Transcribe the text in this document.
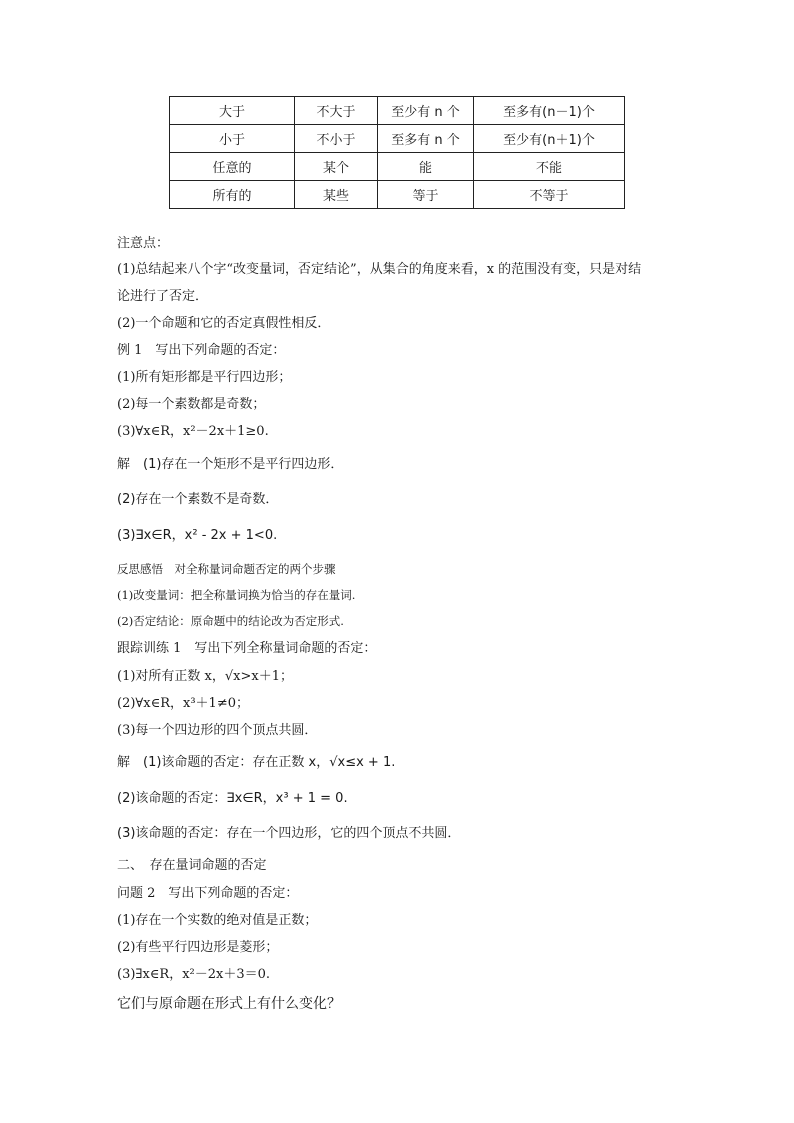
大于	不大于	至少有 n 个	至多有(n－1)个
小于	不小于	至多有 n 个	至少有(n＋1)个
任意的	某个	能	不能
所有的	某些	等于	不等于
注意点：
(1)总结起来八个字“改变量词，否定结论”，从集合的角度来看，x 的范围没有变，只是对结
论进行了否定．
(2)一个命题和它的否定真假性相反．
例 1　写出下列命题的否定：
(1)所有矩形都是平行四边形；
(2)每一个素数都是奇数；
(3)∀x∈R，x²－2x＋1≥0.
解　(1)存在一个矩形不是平行四边形．
(2)存在一个素数不是奇数．
(3)∃x∈R，x² - 2x + 1<0.
反思感悟　对全称量词命题否定的两个步骤
(1)改变量词：把全称量词换为恰当的存在量词.
(2)否定结论：原命题中的结论改为否定形式.
跟踪训练 1　写出下列全称量词命题的否定：
(1)对所有正数 x，√x>x＋1；
(2)∀x∈R，x³＋1≠0；
(3)每一个四边形的四个顶点共圆．
解　(1)该命题的否定：存在正数 x，√x≤x + 1.
(2)该命题的否定：∃x∈R，x³ + 1 = 0.
(3)该命题的否定：存在一个四边形，它的四个顶点不共圆．
二、　存在量词命题的否定
问题 2　写出下列命题的否定：
(1)存在一个实数的绝对值是正数；
(2)有些平行四边形是菱形；
(3)∃x∈R，x²－2x＋3＝0.
它们与原命题在形式上有什么变化？
